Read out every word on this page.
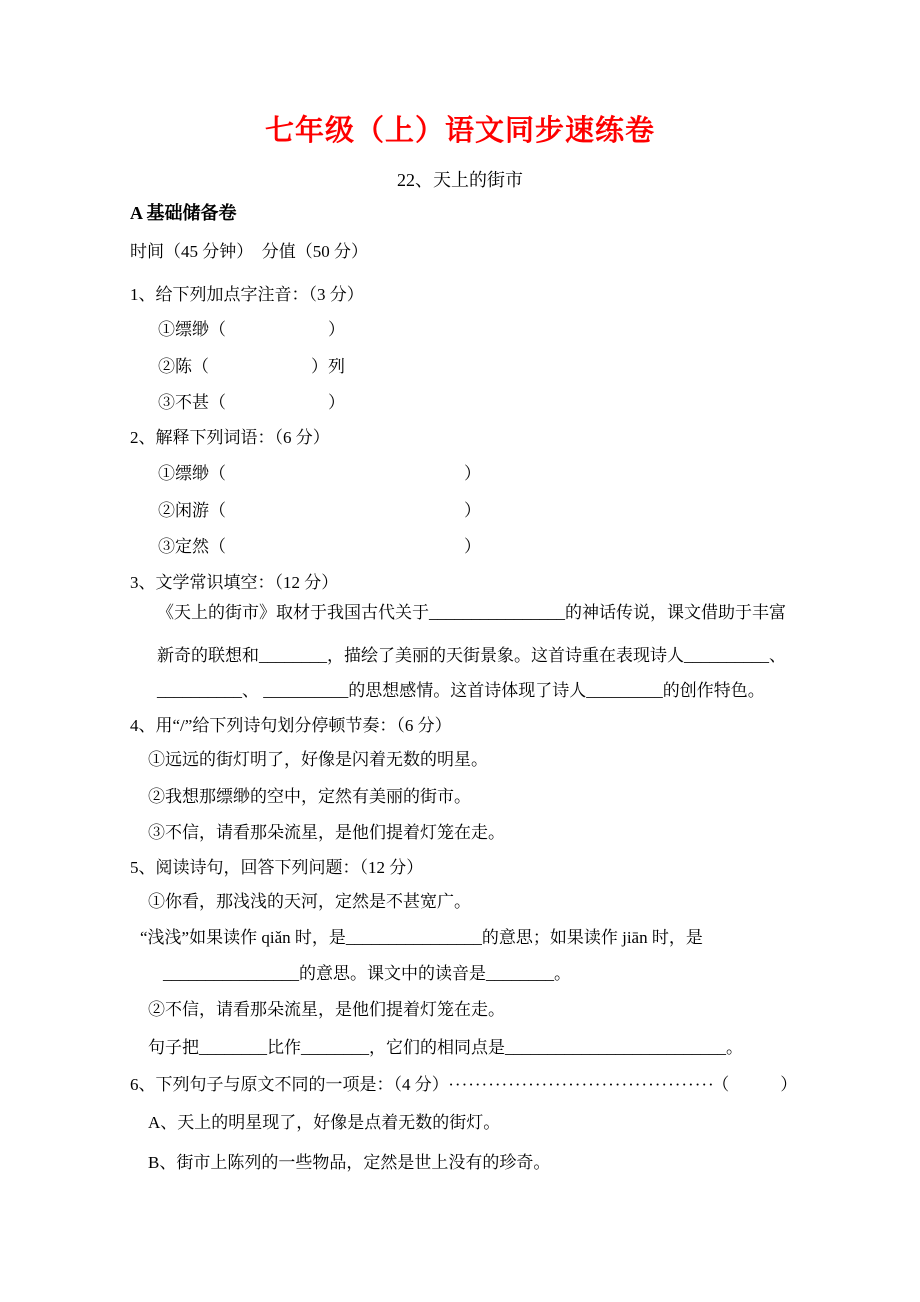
七年级（上）语文同步速练卷
22、天上的街市
A 基础储备卷
时间（45 分钟）　分值（50 分）
1、给下列加点字注音：（3 分）
①缥缈（　　　　　　）
②陈（　　　　　　）列
③不甚（　　　　　　）
2、解释下列词语：（6 分）
①缥缈（　　　　　　　　　　　　　　）
②闲游（　　　　　　　　　　　　　　）
③定然（　　　　　　　　　　　　　　）
3、文学常识填空：（12 分）
《天上的街市》取材于我国古代关于________________的神话传说，课文借助于丰富
新奇的联想和________，描绘了美丽的天街景象。这首诗重在表现诗人__________、
__________、 __________的思想感情。这首诗体现了诗人_________的创作特色。
4、用“/”给下列诗句划分停顿节奏：（6 分）
①远远的街灯明了，好像是闪着无数的明星。
②我想那缥缈的空中，定然有美丽的街市。
③不信，请看那朵流星，是他们提着灯笼在走。
5、阅读诗句，回答下列问题：（12 分）
①你看，那浅浅的天河，定然是不甚宽广。
“浅浅”如果读作 qiǎn 时，是________________的意思；如果读作 jiān 时，是
________________的意思。课文中的读音是________。
②不信，请看那朵流星，是他们提着灯笼在走。
句子把________比作________，它们的相同点是__________________________。
6、下列句子与原文不同的一项是：（4 分） ········································ （　　　）
A、天上的明星现了，好像是点着无数的街灯。
B、街市上陈列的一些物品，定然是世上没有的珍奇。
